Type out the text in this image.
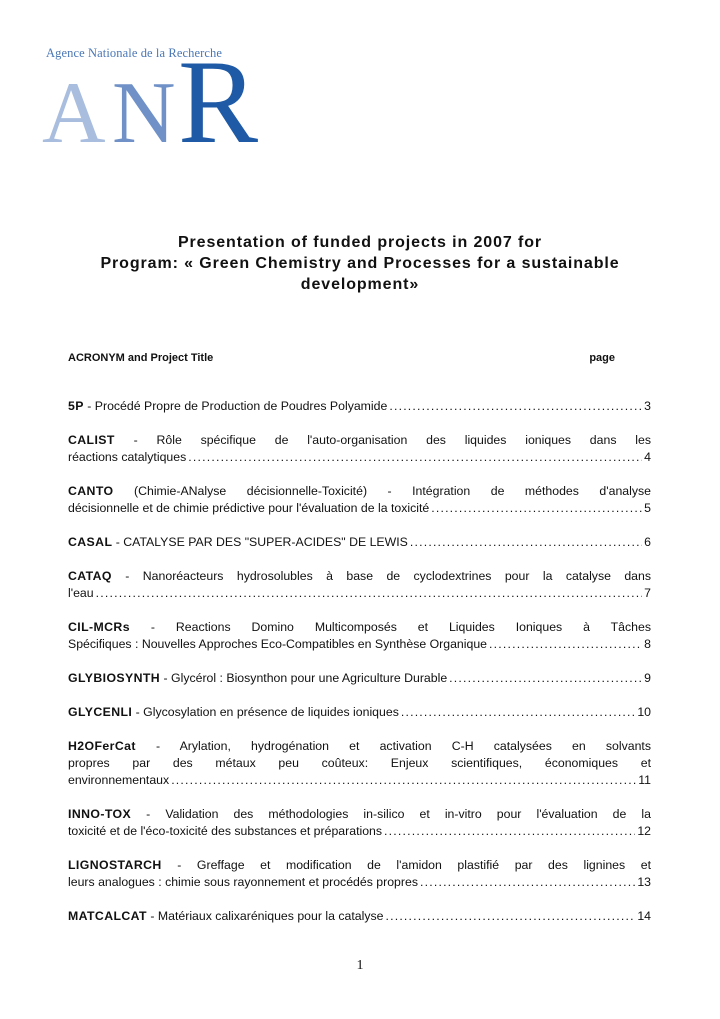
A N R
Agence Nationale de la Recherche
Presentation of funded projects in 2007 for
Program: « Green Chemistry and Processes for a sustainable
development»
ACRONYM and Project Title	page
5P - Procédé Propre de Production de Poudres Polyamide .....	3
CALIST - Rôle spécifique de l'auto-organisation des liquides ioniques dans les
réactions catalytiques .....	4
CANTO (Chimie-ANalyse décisionnelle-Toxicité) - Intégration de méthodes d'analyse
décisionnelle et de chimie prédictive pour l'évaluation de la toxicité .....	5
CASAL - CATALYSE PAR DES "SUPER-ACIDES" DE LEWIS .....	6
CATAQ - Nanoréacteurs hydrosolubles à base de cyclodextrines pour la catalyse dans
l'eau .....	7
CIL-MCRs - Reactions Domino Multicomposés et Liquides Ioniques à Tâches
Spécifiques : Nouvelles Approches Eco-Compatibles en Synthèse Organique .....	8
GLYBIOSYNTH - Glycérol : Biosynthon pour une Agriculture Durable .....	9
GLYCENLI - Glycosylation en présence de liquides ioniques .....	10
H2OFerCat - Arylation, hydrogénation et activation C-H catalysées en solvants
propres par des métaux peu coûteux: Enjeux scientifiques, économiques et
environnementaux .....	11
INNO-TOX - Validation des méthodologies in-silico et in-vitro pour l'évaluation de la
toxicité et de l'éco-toxicité des substances et préparations .....	12
LIGNOSTARCH - Greffage et modification de l'amidon plastifié par des lignines et
leurs analogues : chimie sous rayonnement et procédés propres .....	13
MATCALCAT - Matériaux calixaréniques pour la catalyse .....	14
1
